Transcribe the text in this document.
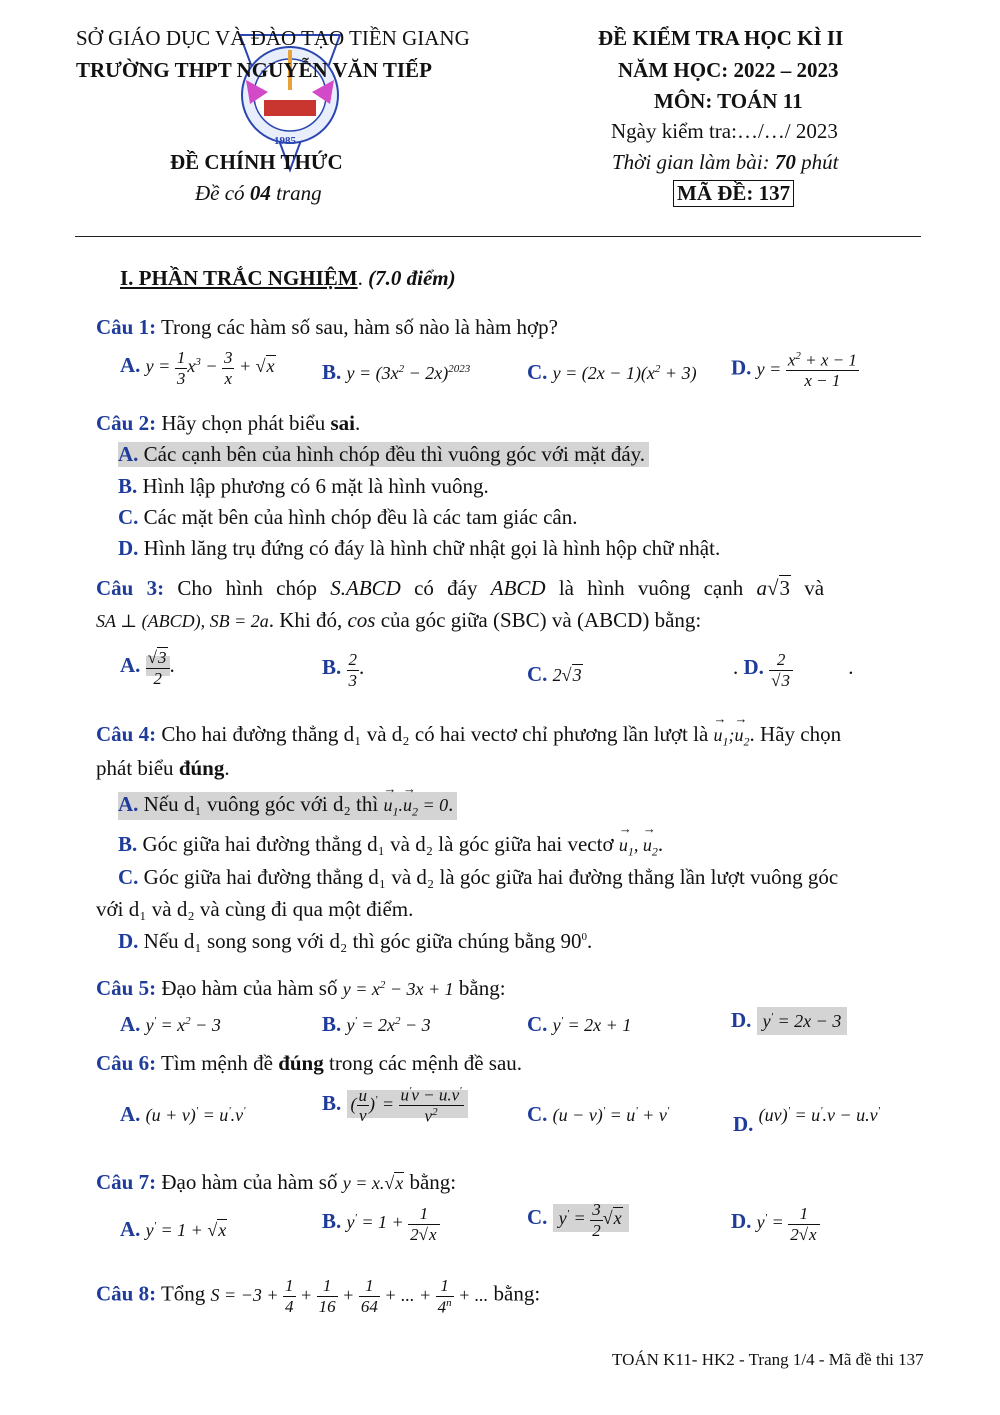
N V
1985
SỞ GIÁO DỤC VÀ ĐÀO TẠO TIỀN GIANG
TRƯỜNG THPT NGUYỄN VĂN TIẾP
ĐỀ CHÍNH THỨC
Đề có 04 trang
ĐỀ KIỂM TRA HỌC KÌ II
NĂM HỌC: 2022 – 2023
MÔN: TOÁN 11
Ngày kiểm tra:…/…/ 2023
Thời gian làm bài: 70 phút
MÃ ĐỀ: 137
I. PHẦN TRẮC NGHIỆM. (7.0 điểm)
Câu 1: Trong các hàm số sau, hàm số nào là hàm hợp?
A. $y = \frac{1}{3} x^3 - \frac{3}{x} + √x$ B. $y = (3x^2 - 2x)^{2023}$	C. $y = (2x - 1)(x^2 + 3)$ D. $y = \frac{x^2 + x - 1}{x - 1}$
Câu 2: Hãy chọn phát biểu sai.
A. Các cạnh bên của hình chóp đều thì vuông góc với mặt đáy.
B. Hình lập phương có 6 mặt là hình vuông.
C. Các mặt bên của hình chóp đều là các tam giác cân.
D. Hình lăng trụ đứng có đáy là hình chữ nhật gọi là hình hộp chữ nhật.
Câu 3: Cho hình chóp S.ABCD có đáy ABCD là hình vuông cạnh a√3 và
SA ⊥ (ABCD), SB = 2a. Khi đó, cos của góc giữa (SBC) và (ABCD) bằng:
A. $\frac{√3}{2}$ .	B. $\frac{2}{3}$ .	C. 2√3	. D. $\frac{2}{√3}$	.
Câu 4: Cho hai đường thẳng d₁ và d₂ có hai vectơ chỉ phương lần lượt là → $u_1;\to u_2$. Hãy chọn
phát biểu đúng.
A. Nếu d₁ vuông góc với d₂ thì → $u_1.\to u_2 = 0$.
B. Góc giữa hai đường thẳng d₁ và d₂ là góc giữa hai vectơ → $u_1$, → $u_2$.
C. Góc giữa hai đường thẳng d₁ và d₂ là góc giữa hai đường thẳng lần lượt vuông góc
với d₁ và d₂ và cùng đi qua một điểm.
D. Nếu d₁ song song với d₂ thì góc giữa chúng bằng $90^0$.
Câu 5: Đạo hàm của hàm số $y = x^2 - 3x + 1$ bằng:
A. $y' = x^2 - 3$	B. $y' = 2x^2 - 3$	C. y' = 2x + 1	D. y' = 2x − 3
Câu 6: Tìm mệnh đề đúng trong các mệnh đề sau.
A. (u + v)' = u'.v'	B. ( $\frac{u}{v} )' = \frac{u'v - u.v'}{v^2}$	C. (u − v)' = u' + v'
D. (uv)' = u'.v − u.v'
Câu 7: Đạo hàm của hàm số y = x.√x bằng:
A. y' = 1 + √x	B. $y' = 1 + \frac{1}{2√x}$	C. $y' = \frac{3}{2} √x$	D. $y' = \frac{1}{2√x}$
Câu 8: Tổng $S = -3 + \frac{1}{4} + \frac{1}{16} + \frac{1}{64}$ + ... + $\frac{1}{4^n}$ + ... bằng:
TOÁN K11- HK2 - Trang 1/4 - Mã đề thi 137
